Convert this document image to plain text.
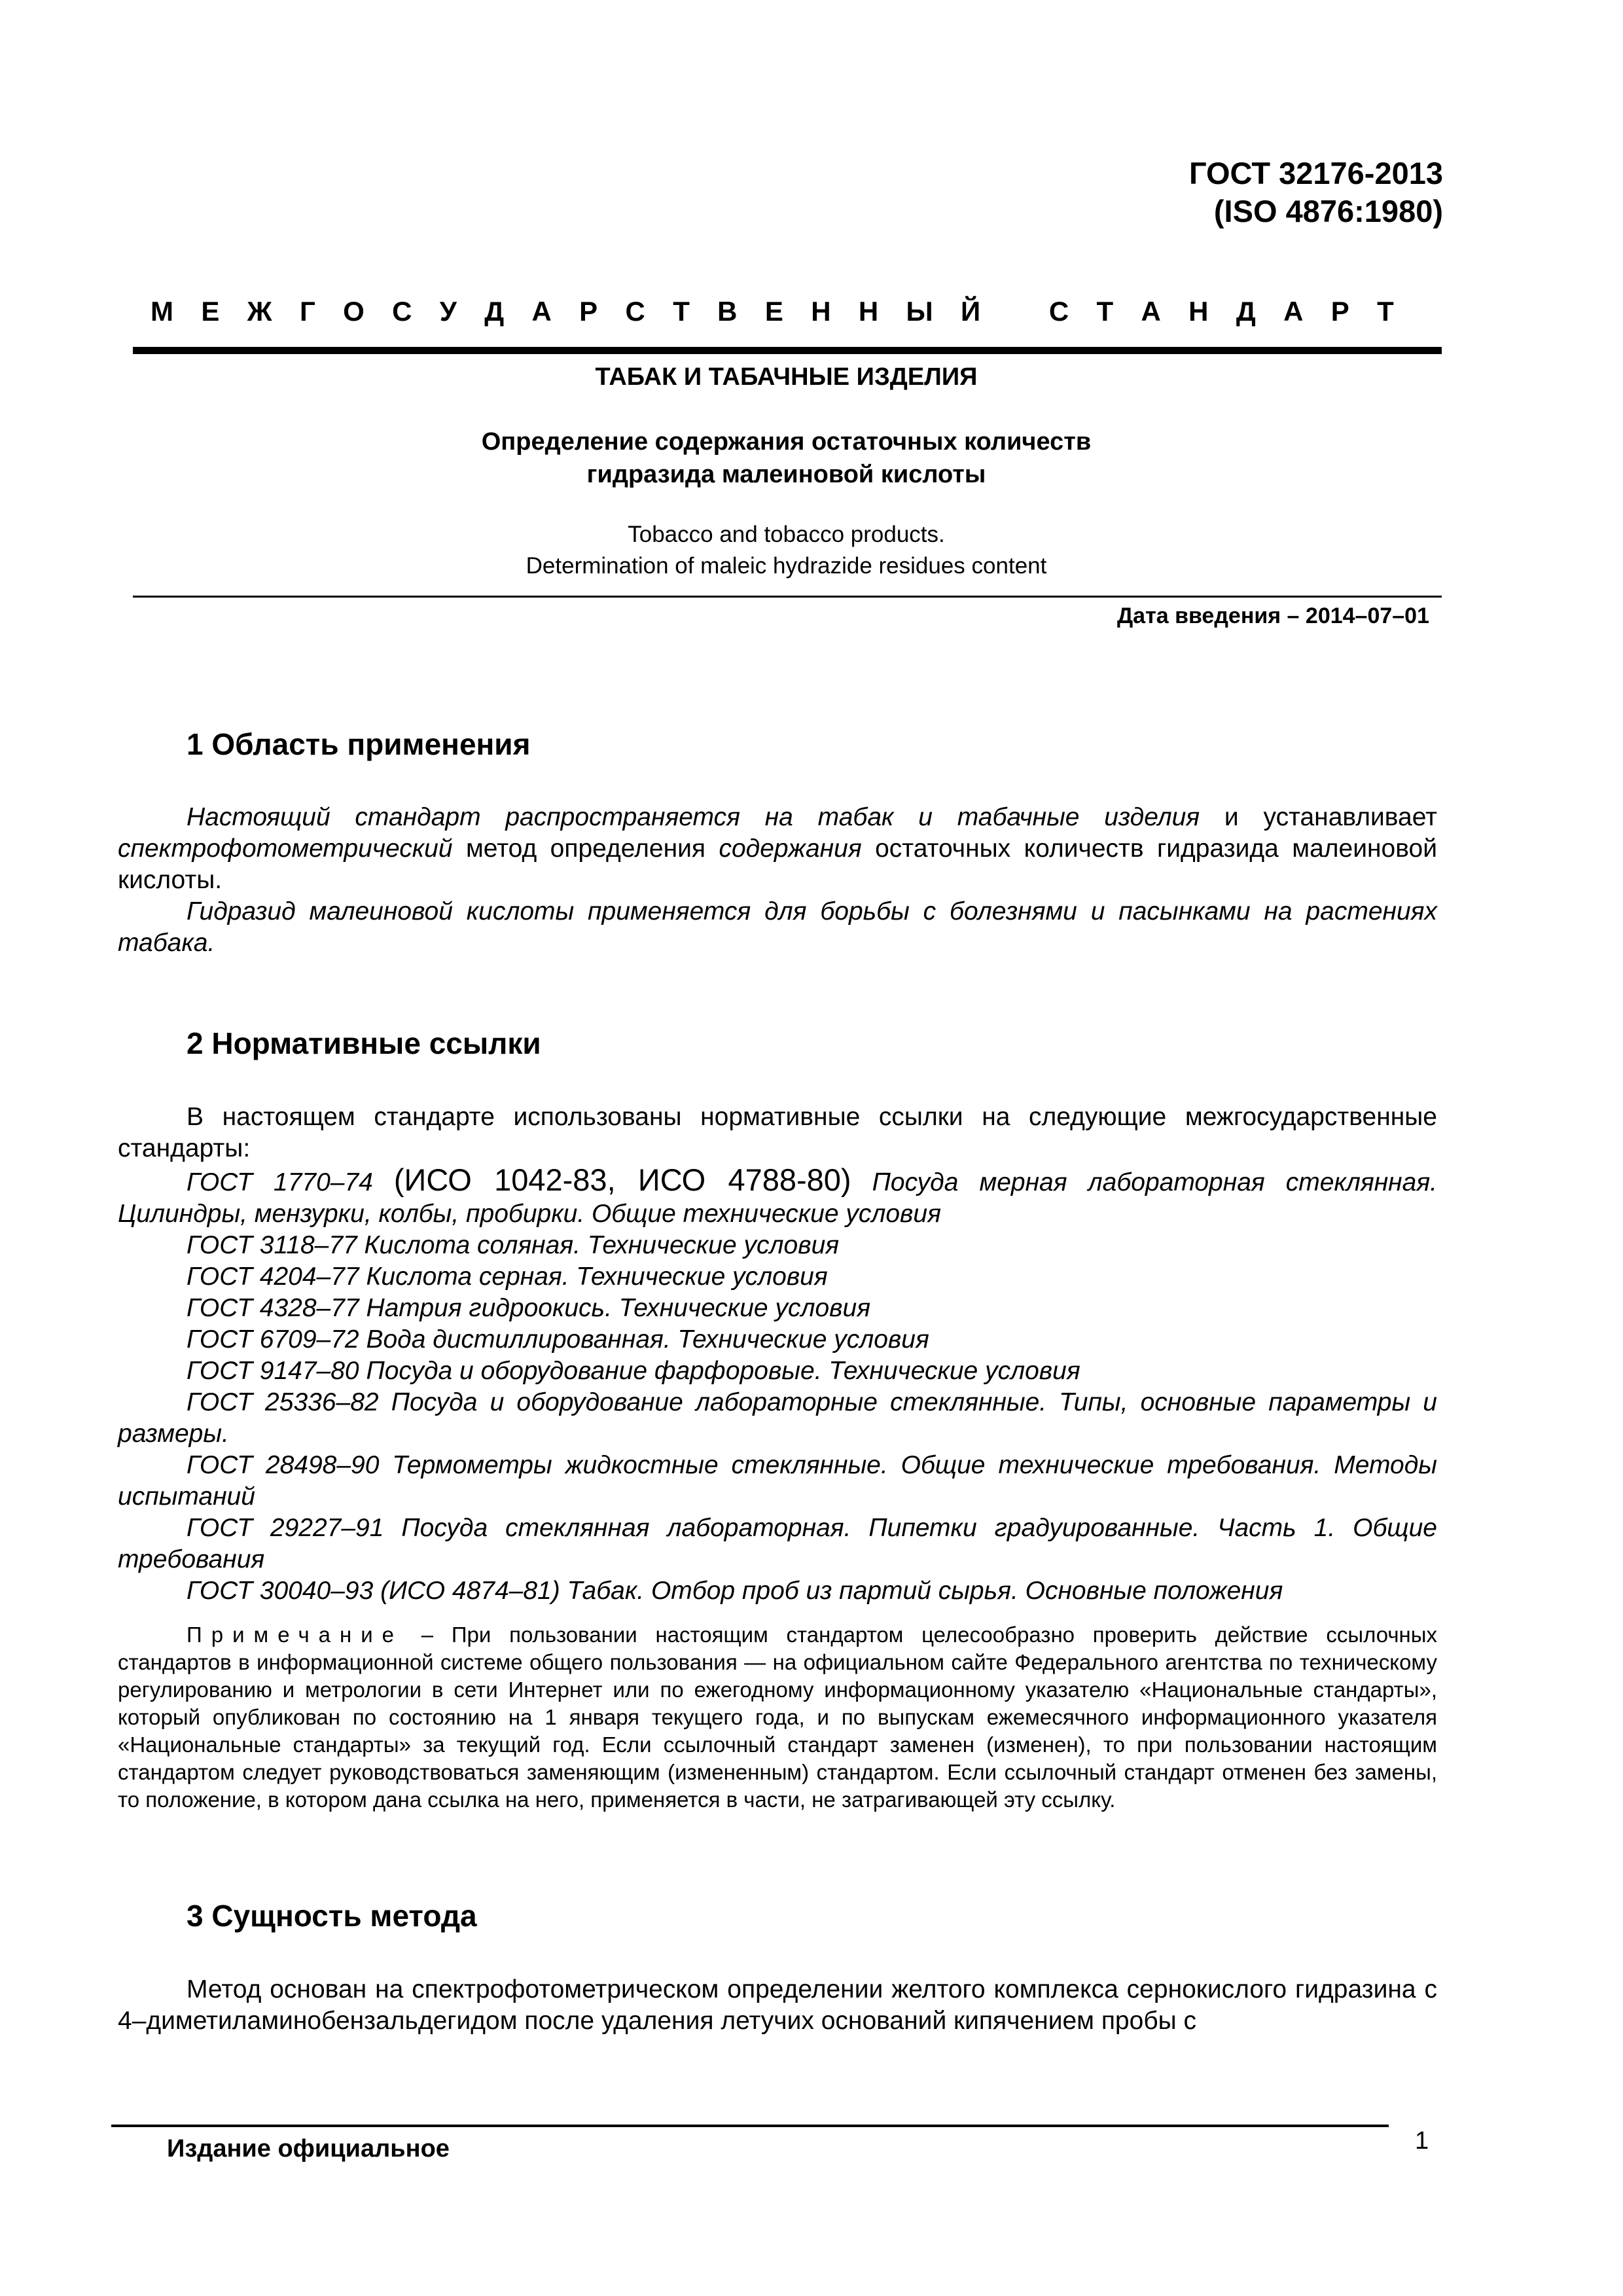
ГОСТ 32176-2013
(ISO 4876:1980)
М Е Ж Г О С У Д А Р С Т В Е Н Н Ы Й С Т А Н Д А Р Т
ТАБАК И ТАБАЧНЫЕ ИЗДЕЛИЯ
Определение содержания остаточных количеств
гидразида малеиновой кислоты
Tobacco and tobacco products.
Determination of maleic hydrazide residues content
Дата введения – 2014–07–01
1 Область применения

Настоящий стандарт распространяется на табак и табачные изделия и устанавливает спектрофотометрический метод определения содержания остаточных количеств гидразида малеиновой кислоты.

Гидразид малеиновой кислоты применяется для борьбы с болезнями и пасынками на растениях табака.

2 Нормативные ссылки

В настоящем стандарте использованы нормативные ссылки на следующие межгосударственные стандарты:

ГОСТ 1770–74 (ИСО 1042-83, ИСО 4788-80) Посуда мерная лабораторная стеклянная. Цилиндры, мензурки, колбы, пробирки. Общие технические условия

ГОСТ 3118–77 Кислота соляная. Технические условия

ГОСТ 4204–77 Кислота серная. Технические условия

ГОСТ 4328–77 Натрия гидроокись. Технические условия

ГОСТ 6709–72 Вода дистиллированная. Технические условия

ГОСТ 9147–80 Посуда и оборудование фарфоровые. Технические условия

ГОСТ 25336–82 Посуда и оборудование лабораторные стеклянные. Типы, основные параметры и размеры.

ГОСТ 28498–90 Термометры жидкостные стеклянные. Общие технические требования. Методы испытаний

ГОСТ 29227–91 Посуда стеклянная лабораторная. Пипетки градуированные. Часть 1. Общие требования

ГОСТ 30040–93 (ИСО 4874–81) Табак. Отбор проб из партий сырья. Основные положения

Примечание – При пользовании настоящим стандартом целесообразно проверить действие ссылочных стандартов в информационной системе общего пользования — на официальном сайте Федерального агентства по техническому регулированию и метрологии в сети Интернет или по ежегодному информационному указателю «Национальные стандарты», который опубликован по состоянию на 1 января текущего года, и по выпускам ежемесячного информационного указателя «Национальные стандарты» за текущий год. Если ссылочный стандарт заменен (изменен), то при пользовании настоящим стандартом следует руководствоваться заменяющим (измененным) стандартом. Если ссылочный стандарт отменен без замены, то положение, в котором дана ссылка на него, применяется в части, не затрагивающей эту ссылку.

3 Сущность метода

Метод основан на спектрофотометрическом определении желтого комплекса сернокислого гидразина с 4–диметиламинобензальдегидом после удаления летучих оснований кипячением пробы с

Издание официальное	1
